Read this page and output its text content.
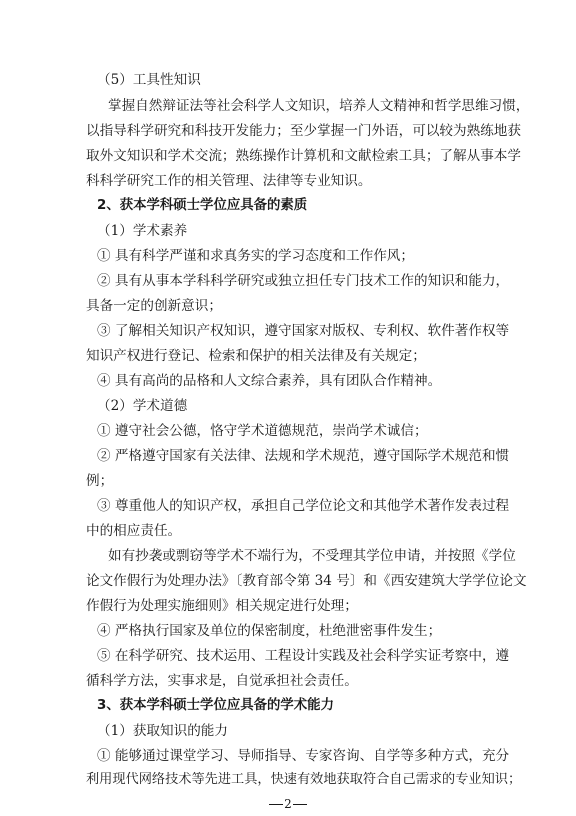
（5）工具性知识
掌握自然辩证法等社会科学人文知识，培养人文精神和哲学思维习惯，
以指导科学研究和科技开发能力；至少掌握一门外语，可以较为熟练地获
取外文知识和学术交流；熟练操作计算机和文献检索工具；了解从事本学
科科学研究工作的相关管理、法律等专业知识。
2、获本学科硕士学位应具备的素质
（1）学术素养
① 具有科学严谨和求真务实的学习态度和工作作风；
② 具有从事本学科科学研究或独立担任专门技术工作的知识和能力，
具备一定的创新意识；
③ 了解相关知识产权知识，遵守国家对版权、专利权、软件著作权等
知识产权进行登记、检索和保护的相关法律及有关规定；
④ 具有高尚的品格和人文综合素养，具有团队合作精神。
（2）学术道德
① 遵守社会公德，恪守学术道德规范，崇尚学术诚信；
② 严格遵守国家有关法律、法规和学术规范，遵守国际学术规范和惯
例；
③ 尊重他人的知识产权，承担自己学位论文和其他学术著作发表过程
中的相应责任。
如有抄袭或剽窃等学术不端行为，不受理其学位申请，并按照《学位
论文作假行为处理办法》〔教育部令第 34 号〕和《西安建筑大学学位论文
作假行为处理实施细则》相关规定进行处理；
④ 严格执行国家及单位的保密制度，杜绝泄密事件发生；
⑤ 在科学研究、技术运用、工程设计实践及社会科学实证考察中，遵
循科学方法，实事求是，自觉承担社会责任。
3、获本学科硕士学位应具备的学术能力
（1）获取知识的能力
① 能够通过课堂学习、导师指导、专家咨询、自学等多种方式，充分
利用现代网络技术等先进工具，快速有效地获取符合自己需求的专业知识；
2
